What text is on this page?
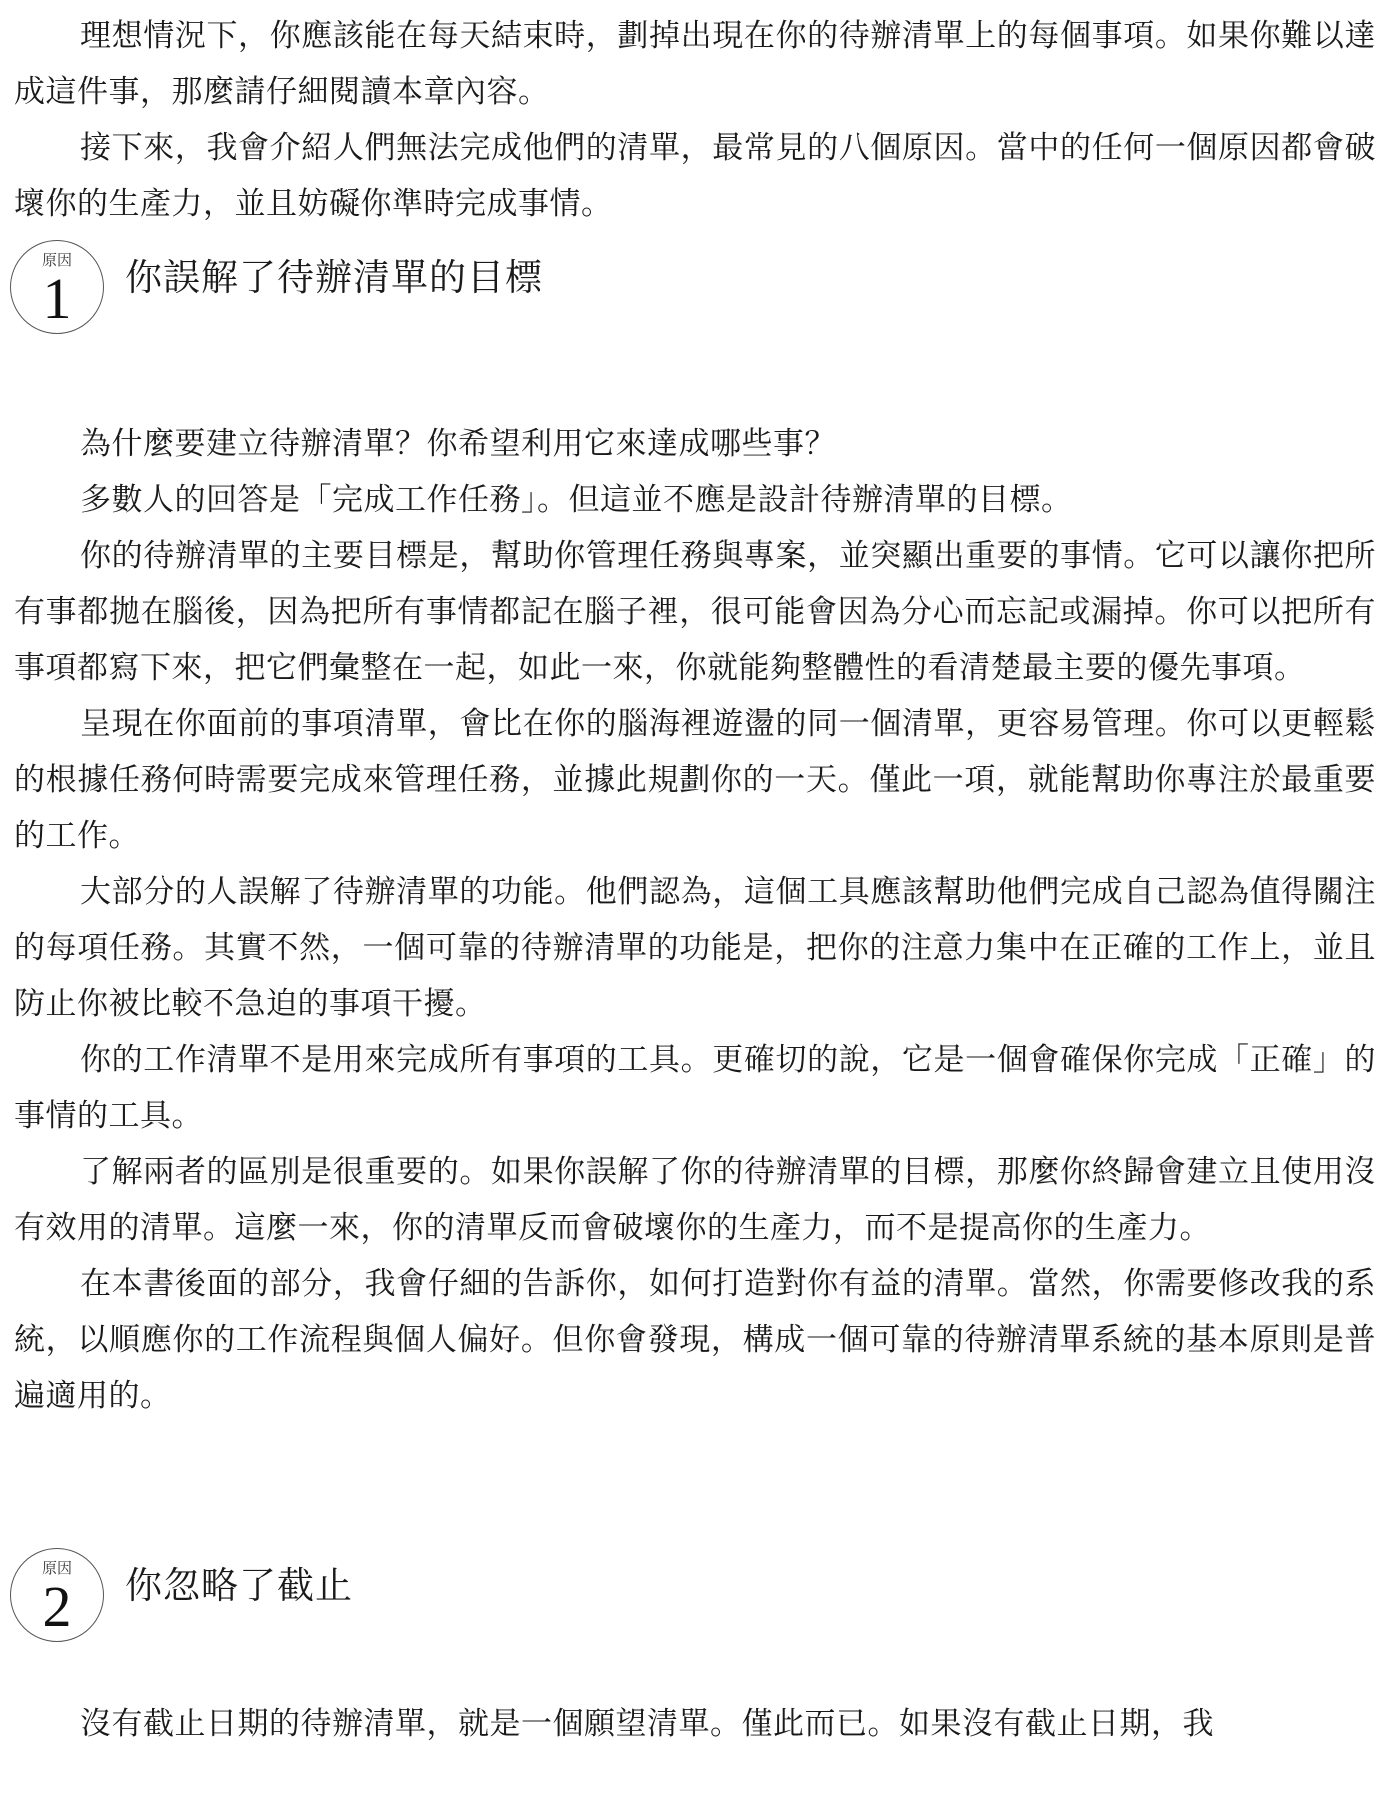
理想情況下，你應該能在每天結束時，劃掉出現在你的待辦清單上的每個事項。如果你難以達成這件事，那麼請仔細閱讀本章內容。

接下來，我會介紹人們無法完成他們的清單，最常見的八個原因。當中的任何一個原因都會破壞你的生產力，並且妨礙你準時完成事情。

原因
1	你誤解了待辦清單的目標

為什麼要建立待辦清單？你希望利用它來達成哪些事？

多數人的回答是「完成工作任務」。但這並不應是設計待辦清單的目標。

你的待辦清單的主要目標是，幫助你管理任務與專案，並突顯出重要的事情。它可以讓你把所有事都拋在腦後，因為把所有事情都記在腦子裡，很可能會因為分心而忘記或漏掉。你可以把所有事項都寫下來，把它們彙整在一起，如此一來，你就能夠整體性的看清楚最主要的優先事項。

呈現在你面前的事項清單，會比在你的腦海裡遊盪的同一個清單，更容易管理。你可以更輕鬆的根據任務何時需要完成來管理任務，並據此規劃你的一天。僅此一項，就能幫助你專注於最重要的工作。

大部分的人誤解了待辦清單的功能。他們認為，這個工具應該幫助他們完成自己認為值得關注的每項任務。其實不然，一個可靠的待辦清單的功能是，把你的注意力集中在正確的工作上，並且防止你被比較不急迫的事項干擾。

你的工作清單不是用來完成所有事項的工具。更確切的說，它是一個會確保你完成「正確」的事情的工具。

了解兩者的區別是很重要的。如果你誤解了你的待辦清單的目標，那麼你終歸會建立且使用沒有效用的清單。這麼一來，你的清單反而會破壞你的生產力，而不是提高你的生產力。

在本書後面的部分，我會仔細的告訴你，如何打造對你有益的清單。當然，你需要修改我的系統，以順應你的工作流程與個人偏好。但你會發現，構成一個可靠的待辦清單系統的基本原則是普遍適用的。

原因
2	你忽略了截止

沒有截止日期的待辦清單，就是一個願望清單。僅此而已。如果沒有截止日期，我
